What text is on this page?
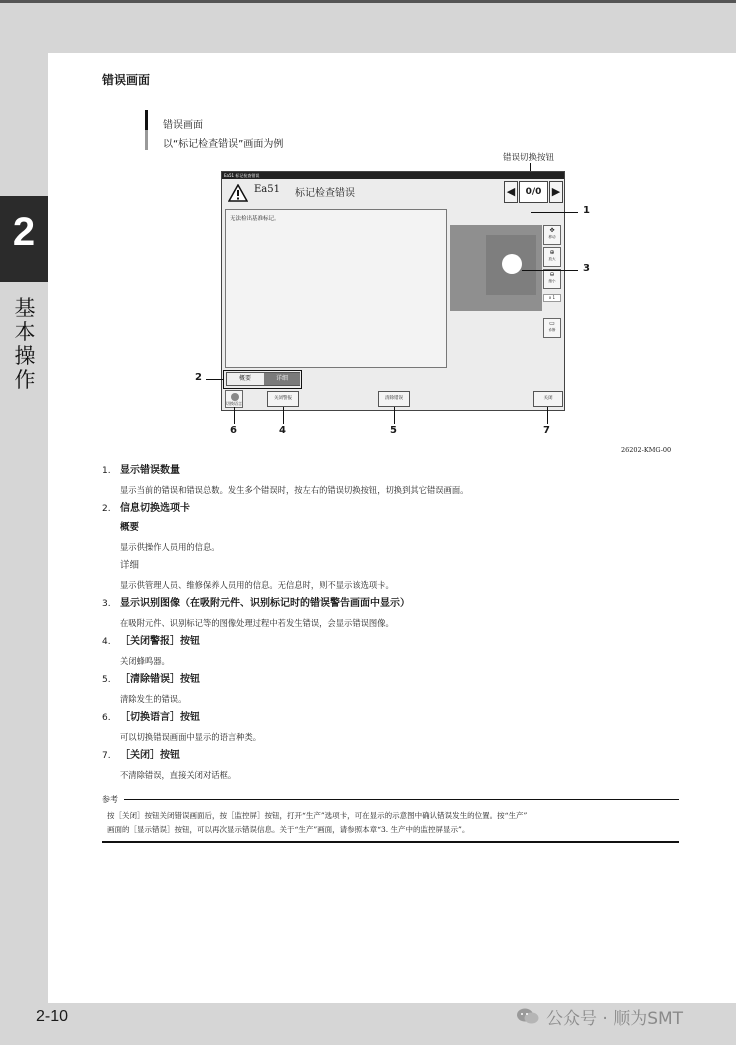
2
基本操作
错误画面
错误画面
以“标记检查错误”画面为例
错误切换按钮
Ea51 标记检查错误
Ea51 标记检查错误	◀	0/0 ▶
无法检出基准标记。
✥
移动
⊕
放大
⊖
缩小
x 1
▭
诊断
概要	详细
切换语言
关闭警报	清除错误	关闭
1
3
2
6	4	5	7
26202-KMG-00
1. 显示错误数量
显示当前的错误和错误总数。发生多个错误时，按左右的错误切换按钮，切换到其它错误画面。
2. 信息切换选项卡
概要
显示供操作人员用的信息。
详细
显示供管理人员、维修保养人员用的信息。无信息时，则不显示该选项卡。
3. 显示识别图像（在吸附元件、识别标记时的错误警告画面中显示）
在吸附元件、识别标记等的图像处理过程中若发生错误，会显示错误图像。
4. ［关闭警报］按钮
关闭蜂鸣器。
5. ［清除错误］按钮
清除发生的错误。
6. ［切换语言］按钮
可以切换错误画面中显示的语言种类。
7. ［关闭］按钮
不清除错误，直接关闭对话框。
参考
按［关闭］按钮关闭错误画面后，按［监控屏］按钮，打开“生产”选项卡，可在显示的示意图中确认错误发生的位置。按“生产”
画面的［显示错误］按钮，可以再次显示错误信息。关于“生产”画面，请参照本章“3. 生产中的监控屏显示”。
2-10	公众号 · 顺为SMT
